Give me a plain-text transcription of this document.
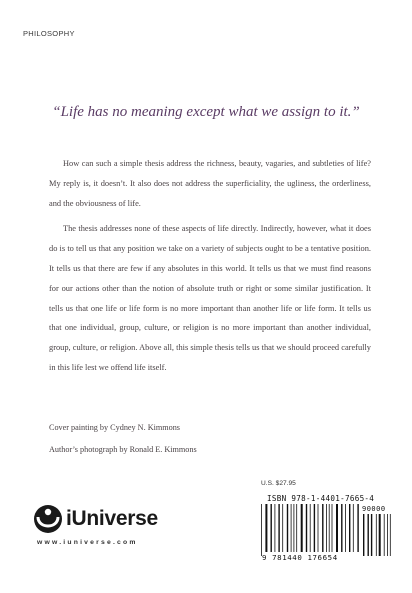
PHILOSOPHY
“Life has no meaning except what we assign to it.”

How can such a simple thesis address the richness, beauty, vagaries, and subtleties of life? My reply is, it doesn’t. It also does not address the superficiality, the ugliness, the orderliness, and the obviousness of life.

The thesis addresses none of these aspects of life directly. Indirectly, however, what it does do is to tell us that any position we take on a variety of subjects ought to be a tentative position. It tells us that there are few if any absolutes in this world. It tells us that we must find reasons for our actions other than the notion of absolute truth or right or some similar justification. It tells us that one life or life form is no more important than another life or life form. It tells us that one individual, group, culture, or religion is no more important than another individual, group, culture, or religion. Above all, this simple thesis tells us that we should proceed carefully in this life lest we offend life itself.

Cover painting by Cydney N. Kimmons
Author’s photograph by Ronald E. Kimmons
iUniverse
www.iuniverse.com
U.S. $27.95
ISBN 978-1-4401-7665-4
90000
9 781440 176654
